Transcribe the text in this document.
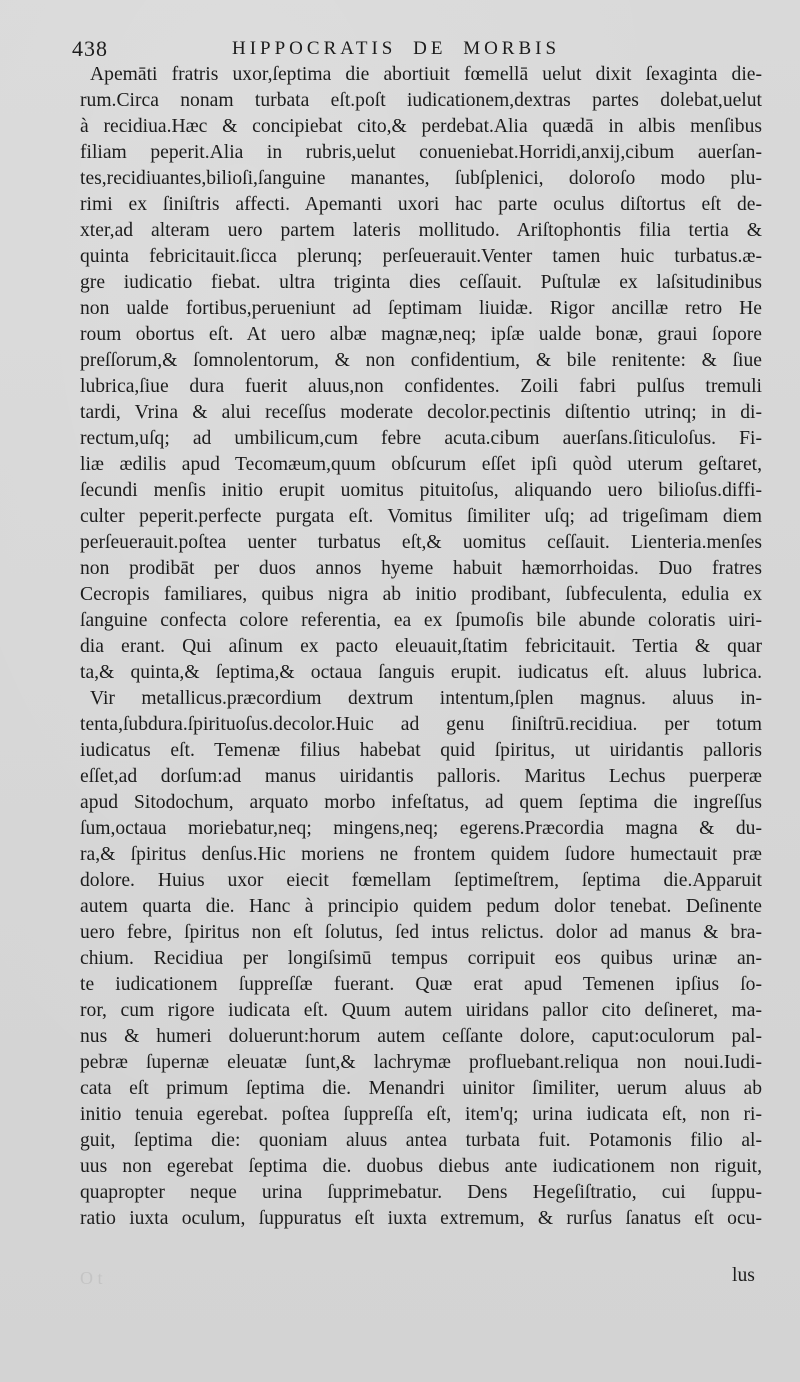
438	HIPPOCRATIS DE MORBIS
Apemāti fratris uxor,ſeptima die abortiuit fœmellā uelut dixit ſexaginta die-
rum.Circa nonam turbata eſt.poſt iudicationem,dextras partes dolebat,uelut
à recidiua.Hæc & concipiebat cito,& perdebat.Alia quædā in albis menſibus
filiam peperit.Alia in rubris,uelut conueniebat.Horridi,anxij,cibum auerſan-
tes,recidiuantes,bilioſi,ſanguine manantes, ſubſplenici, doloroſo modo plu-
rimi ex ſiniſtris affecti. Apemanti uxori hac parte oculus diſtortus eſt de-
xter,ad alteram uero partem lateris mollitudo. Ariſtophontis filia tertia &
quinta febricitauit.ſicca plerunq; perſeuerauit.Venter tamen huic turbatus.æ-
gre iudicatio fiebat. ultra triginta dies ceſſauit. Puſtulæ ex laſsitudinibus
non ualde fortibus,perueniunt ad ſeptimam liuidæ. Rigor ancillæ retro He
roum obortus eſt. At uero albæ magnæ,neq; ipſæ ualde bonæ, graui ſopore
preſſorum,& ſomnolentorum, & non confidentium, & bile renitente: & ſiue
lubrica,ſiue dura fuerit aluus,non confidentes. Zoili fabri pulſus tremuli
tardi, Vrina & alui receſſus moderate decolor.pectinis diſtentio utrinq; in di-
rectum,uſq; ad umbilicum,cum febre acuta.cibum auerſans.ſiticuloſus. Fi-
liæ ædilis apud Tecomæum,quum obſcurum eſſet ipſi quòd uterum geſtaret,
ſecundi menſis initio erupit uomitus pituitoſus, aliquando uero bilioſus.diffi-
culter peperit.perfecte purgata eſt. Vomitus ſimiliter uſq; ad trigeſimam diem
perſeuerauit.poſtea uenter turbatus eſt,& uomitus ceſſauit. Lienteria.menſes
non prodibāt per duos annos hyeme habuit hæmorrhoidas. Duo fratres
Cecropis familiares, quibus nigra ab initio prodibant, ſubfeculenta, edulia ex
ſanguine confecta colore referentia, ea ex ſpumoſis bile abunde coloratis uiri-
dia erant. Qui aſinum ex pacto eleuauit,ſtatim febricitauit. Tertia & quar
ta,& quinta,& ſeptima,& octaua ſanguis erupit. iudicatus eſt. aluus lubrica.
Vir metallicus.præcordium dextrum intentum,ſplen magnus. aluus in-
tenta,ſubdura.ſpirituoſus.decolor.Huic ad genu ſiniſtrū.recidiua. per totum
iudicatus eſt. Temenæ filius habebat quid ſpiritus, ut uiridantis palloris
eſſet,ad dorſum:ad manus uiridantis palloris. Maritus Lechus puerperæ
apud Sitodochum, arquato morbo infeſtatus, ad quem ſeptima die ingreſſus
ſum,octaua moriebatur,neq; mingens,neq; egerens.Præcordia magna & du-
ra,& ſpiritus denſus.Hic moriens ne frontem quidem ſudore humectauit præ
dolore. Huius uxor eiecit fœmellam ſeptimeſtrem, ſeptima die.Apparuit
autem quarta die. Hanc à principio quidem pedum dolor tenebat. Deſinente
uero febre, ſpiritus non eſt ſolutus, ſed intus relictus. dolor ad manus & bra-
chium. Recidiua per longiſsimū tempus corripuit eos quibus urinæ an-
te iudicationem ſuppreſſæ fuerant. Quæ erat apud Temenen ipſius ſo-
ror, cum rigore iudicata eſt. Quum autem uiridans pallor cito deſineret, ma-
nus & humeri doluerunt:horum autem ceſſante dolore, caput:oculorum pal-
pebræ ſupernæ eleuatæ ſunt,& lachrymæ profluebant.reliqua non noui.Iudi-
cata eſt primum ſeptima die. Menandri uinitor ſimiliter, uerum aluus ab
initio tenuia egerebat. poſtea ſuppreſſa eſt, item'q; urina iudicata eſt, non ri-
guit, ſeptima die: quoniam aluus antea turbata fuit. Potamonis filio al-
uus non egerebat ſeptima die. duobus diebus ante iudicationem non riguit,
quapropter neque urina ſupprimebatur. Dens Hegeſiſtratio, cui ſuppu-
ratio iuxta oculum, ſuppuratus eſt iuxta extremum, & rurſus ſanatus eſt ocu-
O t	lus
